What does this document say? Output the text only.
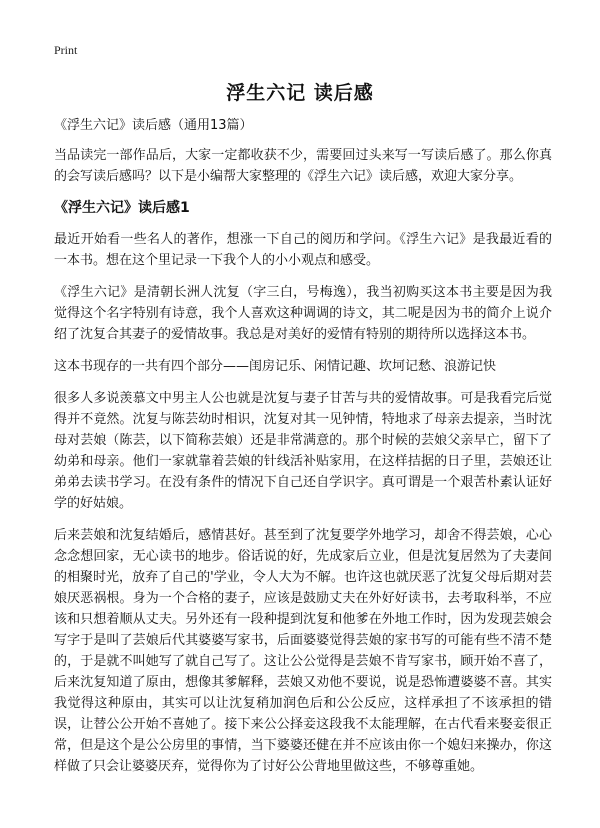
Print
浮生六记 读后感

《浮生六记》读后感（通用13篇）

当品读完一部作品后，大家一定都收获不少，需要回过头来写一写读后感了。那么你真的会写读后感吗？以下是小编帮大家整理的《浮生六记》读后感，欢迎大家分享。

《浮生六记》读后感1

最近开始看一些名人的著作，想涨一下自己的阅历和学问。《浮生六记》是我最近看的一本书。想在这个里记录一下我个人的小小观点和感受。

《浮生六记》是清朝长洲人沈复（字三白，号梅逸），我当初购买这本书主要是因为我觉得这个名字特别有诗意，我个人喜欢这种调调的诗文，其二呢是因为书的简介上说介绍了沈复合其妻子的爱情故事。我总是对美好的爱情有特别的期待所以选择这本书。

这本书现存的一共有四个部分——闺房记乐、闲情记趣、坎坷记愁、浪游记快

很多人多说羡慕文中男主人公也就是沈复与妻子甘苦与共的爱情故事。可是我看完后觉得并不竟然。沈复与陈芸幼时相识，沈复对其一见钟情，特地求了母亲去提亲，当时沈母对芸娘（陈芸，以下简称芸娘）还是非常满意的。那个时候的芸娘父亲早亡，留下了幼弟和母亲。他们一家就靠着芸娘的针线活补贴家用，在这样拮据的日子里，芸娘还让弟弟去读书学习。在没有条件的情况下自己还自学识字。真可谓是一个艰苦朴素认证好学的好姑娘。

后来芸娘和沈复结婚后，感情甚好。甚至到了沈复要学外地学习，却舍不得芸娘，心心念念想回家，无心读书的地步。俗话说的好，先成家后立业，但是沈复居然为了夫妻间的相聚时光，放弃了自己的'学业，令人大为不解。也许这也就厌恶了沈复父母后期对芸娘厌恶祸根。身为一个合格的妻子，应该是鼓励丈夫在外好好读书，去考取科举，不应该和只想着顺从丈夫。另外还有一段种提到沈复和他爹在外地工作时，因为发现芸娘会写字于是叫了芸娘后代其婆婆写家书，后面婆婆觉得芸娘的家书写的可能有些不清不楚的，于是就不叫她写了就自己写了。这让公公觉得是芸娘不肯写家书，顾开始不喜了，后来沈复知道了原由，想像其爹解释，芸娘又劝他不要说，说是恐怖遭婆婆不喜。其实我觉得这种原由，其实可以让沈复稍加润色后和公公反应，这样承担了不该承担的错误，让替公公开始不喜她了。接下来公公择妾这段我不太能理解，在古代看来娶妾很正常，但是这个是公公房里的事情，当下婆婆还健在并不应该由你一个媳妇来操办，你这样做了只会让婆婆厌弃，觉得你为了讨好公公背地里做这些，不够尊重她。
